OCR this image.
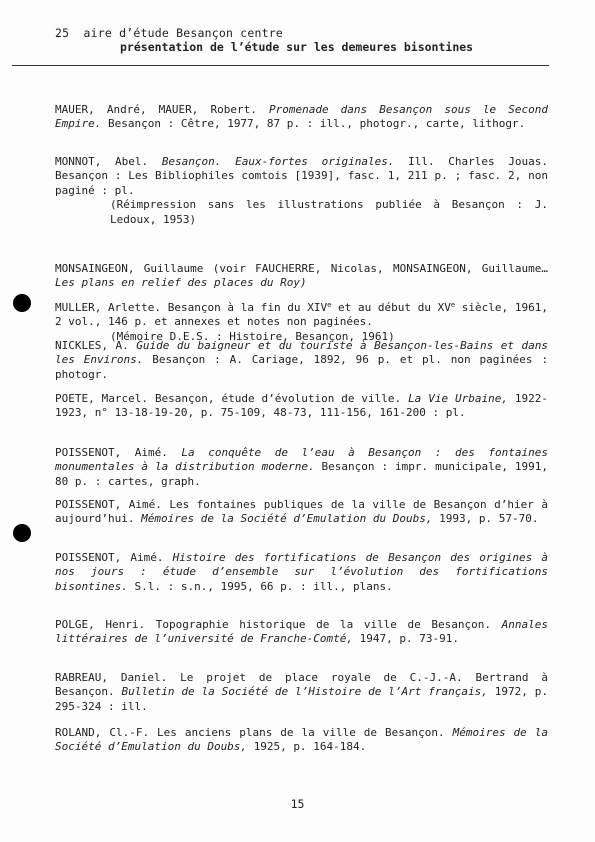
25 aire d’étude Besançon centre
présentation de l’étude sur les demeures bisontines
MAUER, André, MAUER, Robert. Promenade dans Besançon sous le Second Empire. Besançon : Cêtre, 1977, 87 p. : ill., photogr., carte, lithogr.
MONNOT, Abel. Besançon. Eaux-fortes originales. Ill. Charles Jouas. Besançon : Les Bibliophiles comtois [1939], fasc. 1, 211 p. ; fasc. 2, non paginé : pl.
(Réimpression sans les illustrations publiée à Besançon : J. Ledoux, 1953)
MONSAINGEON, Guillaume (voir FAUCHERRE, Nicolas, MONSAINGEON, Guillaume… Les plans en relief des places du Roy)
MULLER, Arlette. Besançon à la fin du XIVe et au début du XVe siècle, 1961, 2 vol., 146 p. et annexes et notes non paginées.
(Mémoire D.E.S. : Histoire, Besançon, 1961)
NICKLES, A. Guide du baigneur et du touriste à Besançon-les-Bains et dans les Environs. Besançon : A. Cariage, 1892, 96 p. et pl. non paginées : photogr.
POETE, Marcel. Besançon, étude d’évolution de ville. La Vie Urbaine, 1922-1923, n° 13-18-19-20, p. 75-109, 48-73, 111-156, 161-200 : pl.
POISSENOT, Aimé. La conquête de l’eau à Besançon : des fontaines monumentales à la distribution moderne. Besançon : impr. municipale, 1991, 80 p. : cartes, graph.
POISSENOT, Aimé. Les fontaines publiques de la ville de Besançon d’hier à aujourd’hui. Mémoires de la Société d’Emulation du Doubs, 1993, p. 57-70.
POISSENOT, Aimé. Histoire des fortifications de Besançon des origines à nos jours : étude d’ensemble sur l’évolution des fortifications bisontines. S.l. : s.n., 1995, 66 p. : ill., plans.
POLGE, Henri. Topographie historique de la ville de Besançon. Annales littéraires de l’université de Franche-Comté, 1947, p. 73-91.
RABREAU, Daniel. Le projet de place royale de C.-J.-A. Bertrand à Besançon. Bulletin de la Société de l’Histoire de l’Art français, 1972, p. 295-324 : ill.
ROLAND, Cl.-F. Les anciens plans de la ville de Besançon. Mémoires de la Société d’Emulation du Doubs, 1925, p. 164-184.
15
